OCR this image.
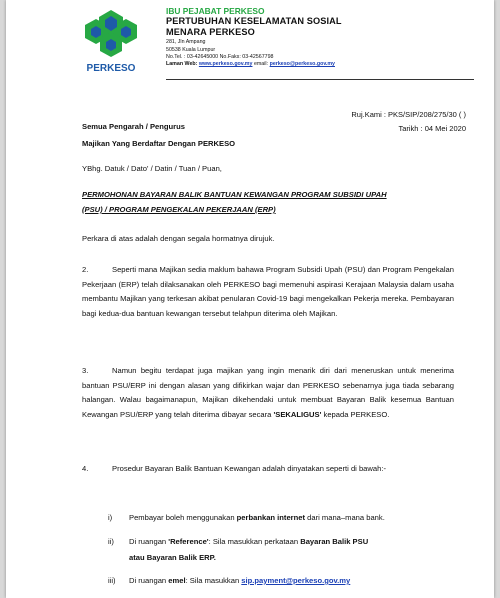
PERKESO
IBU PEJABAT PERKESO
PERTUBUHAN KESELAMATAN SOSIAL
MENARA PERKESO
281, Jln Ampang
50538 Kuala Lumpur
No.Tel. : 03-42645000 No.Faks: 03-42567798
Laman Web: www.perkeso.gov.my email: perkeso@perkeso.gov.my
Ruj.Kami : PKS/SIP/208/275/30 ( )
Tarikh : 04 Mei 2020
Semua Pengarah / Pengurus
Majikan Yang Berdaftar Dengan PERKESO
YBhg. Datuk / Dato' / Datin / Tuan / Puan,
PERMOHONAN BAYARAN BALIK BANTUAN KEWANGAN PROGRAM SUBSIDI UPAH
(PSU) / PROGRAM PENGEKALAN PEKERJAAN (ERP)
Perkara di atas adalah dengan segala hormatnya dirujuk.
2.	Seperti mana Majikan sedia maklum bahawa Program Subsidi Upah (PSU) dan Program Pengekalan Pekerjaan (ERP) telah dilaksanakan oleh PERKESO bagi memenuhi aspirasi Kerajaan Malaysia dalam usaha membantu Majikan yang terkesan akibat penularan Covid-19 bagi mengekalkan Pekerja mereka. Pembayaran bagi kedua-dua bantuan kewangan tersebut telahpun diterima oleh Majikan.
3.	Namun begitu terdapat juga majikan yang ingin menarik diri dari meneruskan untuk menerima bantuan PSU/ERP ini dengan alasan yang difikirkan wajar dan PERKESO sebenarnya juga tiada sebarang halangan. Walau bagaimanapun, Majikan dikehendaki untuk membuat Bayaran Balik kesemua Bantuan Kewangan PSU/ERP yang telah diterima dibayar secara 'SEKALIGUS' kepada PERKESO.
4.	Prosedur Bayaran Balik Bantuan Kewangan adalah dinyatakan seperti di bawah:-
i) Pembayar boleh menggunakan perbankan internet dari mana–mana bank.
ii) Di ruangan 'Reference': Sila masukkan perkataan Bayaran Balik PSU
atau Bayaran Balik ERP.
iii) Di ruangan emel: Sila masukkan sip.payment@perkeso.gov.my
